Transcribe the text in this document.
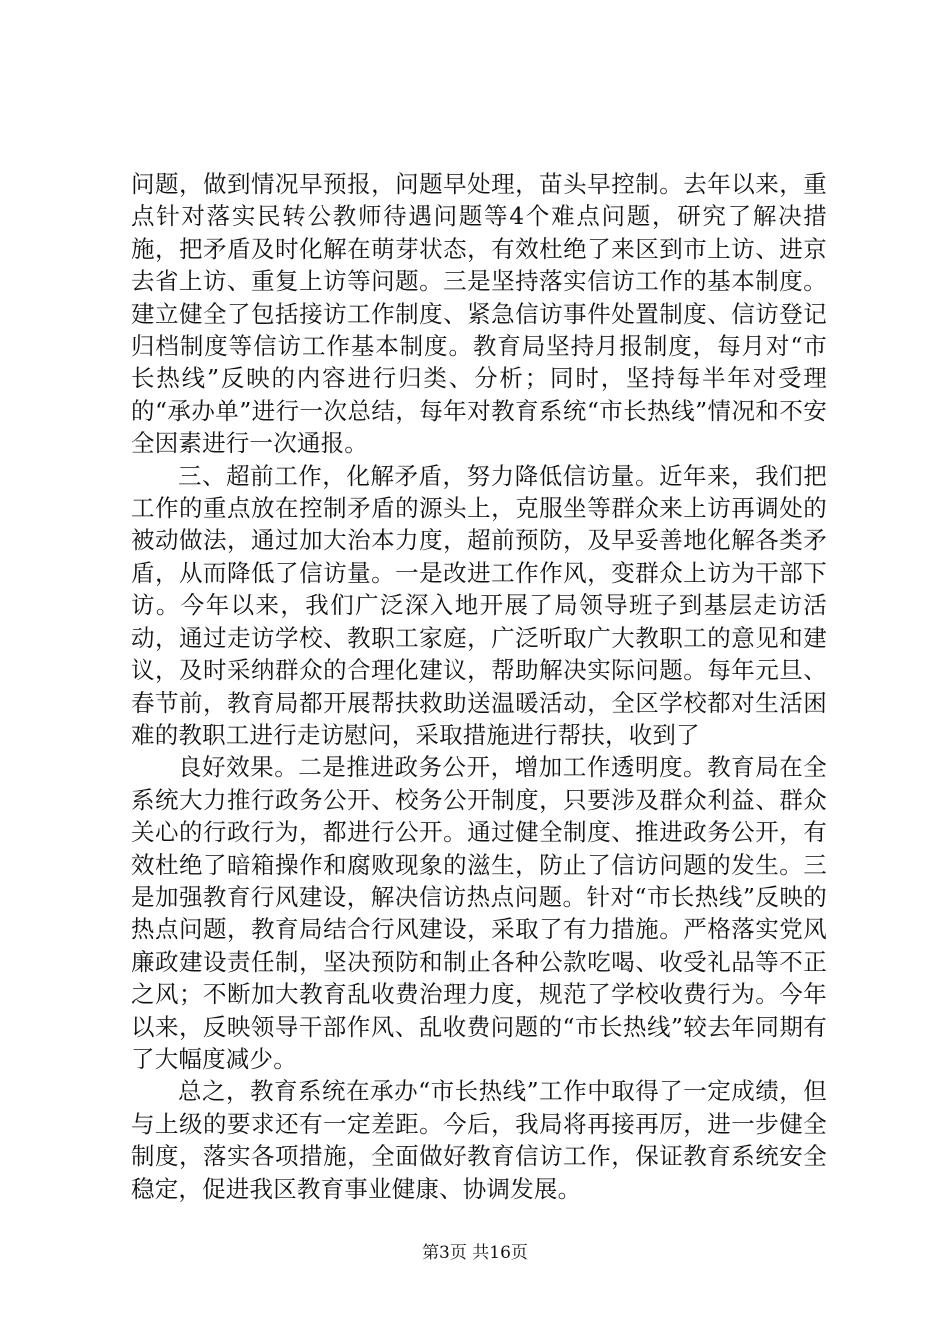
问题，做到情况早预报，问题早处理，苗头早控制。去年以来，重点针对落实民转公教师待遇问题等4个难点问题，研究了解决措施，把矛盾及时化解在萌芽状态，有效杜绝了来区到市上访、进京去省上访、重复上访等问题。三是坚持落实信访工作的基本制度。建立健全了包括接访工作制度、紧急信访事件处置制度、信访登记归档制度等信访工作基本制度。教育局坚持月报制度，每月对“市长热线”反映的内容进行归类、分析；同时，坚持每半年对受理的“承办单”进行一次总结，每年对教育系统“市长热线”情况和不安全因素进行一次通报。

三、超前工作，化解矛盾，努力降低信访量。近年来，我们把工作的重点放在控制矛盾的源头上，克服坐等群众来上访再调处的被动做法，通过加大治本力度，超前预防，及早妥善地化解各类矛盾，从而降低了信访量。一是改进工作作风，变群众上访为干部下访。今年以来，我们广泛深入地开展了局领导班子到基层走访活动，通过走访学校、教职工家庭，广泛听取广大教职工的意见和建议，及时采纳群众的合理化建议，帮助解决实际问题。每年元旦、春节前，教育局都开展帮扶救助送温暖活动，全区学校都对生活困难的教职工进行走访慰问，采取措施进行帮扶，收到了

良好效果。二是推进政务公开，增加工作透明度。教育局在全系统大力推行政务公开、校务公开制度，只要涉及群众利益、群众关心的行政行为，都进行公开。通过健全制度、推进政务公开，有效杜绝了暗箱操作和腐败现象的滋生，防止了信访问题的发生。三是加强教育行风建设，解决信访热点问题。针对“市长热线”反映的热点问题，教育局结合行风建设，采取了有力措施。严格落实党风廉政建设责任制，坚决预防和制止各种公款吃喝、收受礼品等不正之风；不断加大教育乱收费治理力度，规范了学校收费行为。今年以来，反映领导干部作风、乱收费问题的“市长热线”较去年同期有了大幅度减少。

总之，教育系统在承办“市长热线”工作中取得了一定成绩，但与上级的要求还有一定差距。今后，我局将再接再厉，进一步健全制度，落实各项措施，全面做好教育信访工作，保证教育系统安全稳定，促进我区教育事业健康、协调发展。

第3页 共16页
